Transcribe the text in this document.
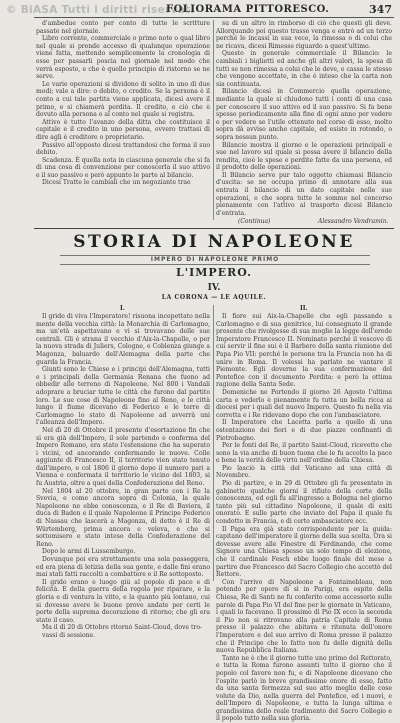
© BiASA Tutti i diritti riservati
FOLIORAMA PITTORESCO.	347

d'ambedue conto per conto di tutte le scritture passate nel giornale.

Libro corrente, commerciale o primo note o qual libro nel quale si prende accesso di qualunque operazione viene fatta, mettendo semplicemente la cronologia di esse per passarli poscia nel giornale nel modo che verrà esposto, e che è quello principio di ristorno se ne serve.

Le varie operazioni si dividono di solito in uno di due modi; vale a dire: o debito, o credito. Se la persona è il conto a cui tale partita viene applicata, dicesi avere il primo, e si chiamerà perdita. Il credito, e ciò che è dovuto alla persona o al conto nel quale si registra.

Attivo è tutto l'avanzo della ditta che costituisce il capitale e il credito in uno persona, ovvero trattasi di dire agli è creditore o proprietario.

Passivo all'opposto dicesi trattandosi che forma il suo debito.

Scadenza. È quella nota in ciascuna generale che si fa di una cosa di convenzione per conoscerla il suo attivo e il suo passivo e però appunto le parte al bilancio.

Dicesi Tratte le cambiali che un negoziante trae

su di un altro in rimborso di ciò che questi gli deve. Allorquando poi questo trasse venga e entrò ad un terzo perché le incassi in sua vece, la rimessa o di colui che ne ricava, dicesi Rimesse riguardo a quest'ultimo.

Questo in generale commerciale il Bilancio: le cambiali i biglietti ed anche gli altri valori, la spesa di tutti se non rimessa a colui che le deve, e cassa le stesse che vengono accettate, in che è inteso che la carta non sia continuata.

Bilancio dicesi in Commercio quella operazione, mediante la quale si chiudono tutti i conti di una casa per conoscere il suo attivo ed il suo passivo. Si fa bene spesso periodicamente alla fine di ogni anno per vedere e per vedere se l'utile ottenuto nel corso di esso, molto sopra dà avviso anche capitale, ed esiste in rotondo, o sopra nessun punto.

Bilancio mostra il giorno e le operazioni principali e sue nel lavoro sul quale si possa avere il bilancio della rendita, cioè le spese e perdite fatte da una persona, ed il prodotto delle operazioni.

Il Bilancio serve pur talo oggetto chiamasi Bilancio d'uscita: se ne occupa primo di annotare alla sua entrata il bilancio di un dato capitale nelle sue operazioni, e che sopra tutte le somme nel concorso pienamente con l'attivo al trasporto dicesi Bilancio d'entrata.

(Continua)	Alessandro Vendramin.
STORIA DI NAPOLEONE
IMPERO DI NAPOLEONE PRIMO
L'IMPERO.
IV.
LA CORONA — LE AQUILE.
I.	II.

Il grido di viva l'Imperatore! risuona incepettato nella mente della vecchia città: la Monarchia di Carlomagno, ma un'età aspettavano e vi si trovavano delle sue centrali. Gli è strana il vecchio d'Aix-la-Chapelle, o per la nuova strada di Juliers, Cologne, e Coblenza giunge a Magonza, baluardo dell'Alemagna della parte che guarda la Francia.

Giunti sono le Chiese e i principi dell'Alemagna, tutti e i principali della Germania Renana che fuono ad obbedir alle terreno di Napoleone. Nel 800 i Vandali adoprare a bruciar tutte le città che furono dal partito loro. Le sue cose di Napoleone fino al Reno, e le città lungo il fiume dicevano di Federico e le terre di Carlomagno lo stato di Napoleone ad avverrà uni l'alleanza dell'Impero.

Nel dì 20 di Ottobre il presente d'esortazione fin che si era già dell'Impero, il sole partendo e conferma del Impero Romano, era stato l'estensione che ha superato i vicini, ed ancorando confermando le nuove. Colle aggiunte di Francesco II, il territorio vien stato tenuto dall'impero, e col 1806 il giorno dopo il numero pari a Vienna e confermata il territorio le vicino del 1803, si fu Austria, oltre a quei della Confederazione del Reno.

Nel 1804 al 20 ottobre, in gran parte con i Re la Svevia, e come ancora sopra di Colonia, la quale Napoleone ne ebbe conoscenza, e il Re di Baviera, il duca di Baden e il quale Napoleone il Principe Federico di Nassau che lascerà a Magonza, di detto è il Re di Würtemberg, prima ancora e veleva, e che si sottomisero e stato inteso della Confederazione del Reno.

Dopo le armi di Lussemburgo.

Dovunque poi era strettamente una sola passeggera, ed era piena di letizia della sua gente, e dalle fini erano mai stati fatti raccolti a combattere e il Re sottoposto.

Il grido erano e luogo giù al popolo di pace e di felicità. E della guerra della regola per riparare, e la gloria e di ventura la vitto, e la quanto più lontano, cui si dovesse avere le buone prove andate per certi le porte della suprema decorazione di ritorno; che gli era stato il caso.

Ma il dì 20 di Ottobre ritornò Saint-Cloud, dove tro-

vassi di sessione.

Il fiore sui Aix-la-Chapelle che egli passando a Carlomagno e di sua genitrice, lui consegnato il grande presente che rivolgesse di sua moglie la legge dell'erede Imperatore Francesco II. Nominato perché il vescovo di cui servir il fine sui è il Barbero della santa riunione del Papa Pio VII: perché le persone tra la Francia non ha di unire in Roma. Il volessi ha parlato ne vantare il Piemonte. Egli doverne la sua confermazione del Pontefice con il documento Perdita: e però la ottima ragione della Santa Sede.

Domeniche ne Portendo il giorno 26 Agosto l'ultima carta e vederlo è pienamente fu tutta un bella ricca ai diocesi per i quali del nuovo Impero. Questo fu nella via corretta e i Re ridevano dopo che con l'ambasciatore.

Il Imperatore che Lacetta parla a quello di una ostentazione dei fiori e di due piazze confinanti di Pietrobagno.

Per le fonti del Re, il partito Saint-Cloud, ricevette che sono la via anche di buon tuona che le fu accolto la pace e bene la verità delle virtù nell'ordine della Chiesa.

Pio lasciò la città del Vaticano ad una città di Novembre.

Pio di partire, e in 29 di Ottobre gli fu presentato in gabinetto qualche giorni il rifiuto della corte della conoscenza, ed egli fu all'ingresso a Bologna nel giorno tanto più sul cittadino Napoleone, il quale di esiti onorato. E sulle parte che inviato del Papa il quale fu condotto in Francia, e di certo ambasciatore ecc.

Il Papa era già stato corrispondente per la guida: capitano dell'imperatore il giorno della sua scelta. Ora si dovesse avere alle Finestre di Ferdinando, che come Signore una Chiesa spesso un solo tempo di elezione, che il cardinale Fesch ebbe luogo finale del mese a partire due Francesco del Sacro Collegio che accettò del Rettore.

Con l'arrivo di Napoleone a Fontainebleau, non potendo per opere di sì in Parigi, era ospite della Chiesa, Re di Santi ne fu conferito come accessorio sulle parole di Papa Pio VI del fine per le giornate in Vaticano, i quali lo facevano. Il prossimo dì Pio IX ecco la seconda il Pio non si ritrovano alla patria Capitale di Roma presso il palazzo che abitava e ritenuta dell'onore l'Imperatore e del suo arrivo di Roma presso il palazzo che il Principe che lo fatto non fu delle dignità della nuova Repubblica Italiana.

Tanto ne è che il giorno tutte uno primo del Rettorato, e tutta la Roma furono assunti tutto il giorno che il popolo col favore non fu, e di Napoleone dicevano che l'ospite parlò in breve grandissime onore di esso, fatto da una santa fermezza sul suo atto meglio delle cose volute da Dio, nella guerra del Pontefice, ed i nuovi, e dell'Impero di Napoleone, e tutta la lunga ultima e grandissima dello reale tradimento del Sacro Collegio e il popolo tutto nella sua gloria.
